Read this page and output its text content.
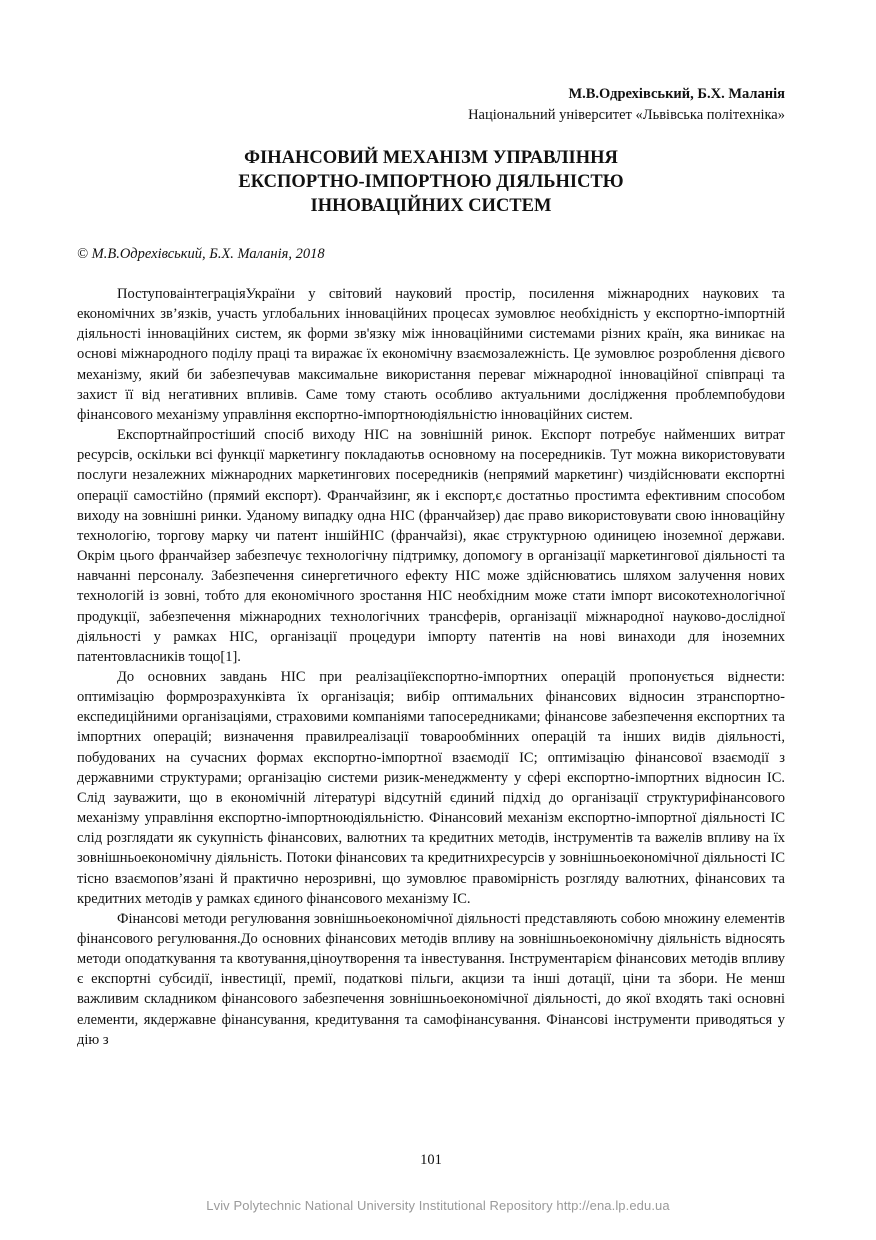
М.В.Одрехівський, Б.Х. Маланія
Національний університет «Львівська політехніка»
ФІНАНСОВИЙ МЕХАНІЗМ УПРАВЛІННЯ
ЕКСПОРТНО-ІМПОРТНОЮ ДІЯЛЬНІСТЮ
ІННОВАЦІЙНИХ СИСТЕМ
© М.В.Одрехівський, Б.Х. Маланія, 2018

ПоступоваінтеграціяУкраїни у світовий науковий простір, посилення міжнародних наукових та економічних зв’язків, участь углобальних інноваційних процесах зумовлює необхідність у експортно-імпортній діяльності інноваційних систем, як форми зв'язку між інноваційними системами різних країн, яка виникає на основі міжнародного поділу праці та виражає їх економічну взаємозалежність. Це зумовлює розроблення дієвого механізму, який би забезпечував максимальне використання переваг міжнародної інноваційної співпраці та захист її від негативних впливів. Саме тому стають особливо актуальними дослідження проблемпобудови фінансового механізму управління експортно-імпортноюдіяльністю інноваційних систем.

Експортнайпростіший спосіб виходу НІС на зовнішній ринок. Експорт потребує найменших витрат ресурсів, оскільки всі функції маркетингу покладаютьв основному на посередників. Тут можна використовувати послуги незалежних міжнародних маркетингових посередників (непрямий маркетинг) чиздійснювати експортні операції самостійно (прямий експорт). Франчайзинг, як і експорт,є достатньо простимта ефективним способом виходу на зовнішні ринки. Уданому випадку одна НІС (франчайзер) дає право використовувати свою інноваційну технологію, торгову марку чи патент іншійНІС (франчайзі), якає структурною одиницею іноземної держави. Окрім цього франчайзер забезпечує технологічну підтримку, допомогу в організації маркетингової діяльності та навчанні персоналу. Забезпечення синергетичного ефекту НІС може здійснюватись шляхом залучення нових технологій із зовні, тобто для економічного зростання НІС необхідним може стати імпорт високотехнологічної продукції, забезпечення міжнародних технологічних трансферів, організації міжнародної науково-дослідної діяльності у рамках НІС, організації процедури імпорту патентів на нові винаходи для іноземних патентовласників тощо[1].

До основних завдань НІС при реалізаціїекспортно-імпортних операцій пропонується віднести: оптимізацію формрозрахунківта їх організація; вибір оптимальних фінансових відносин зтранспортно-експедиційними організаціями, страховими компаніями тапосередниками; фінансове забезпечення експортних та імпортних операцій; визначення правилреалізації товарообмінних операцій та інших видів діяльності, побудованих на сучасних формах експортно-імпортної взаємодії ІС; оптимізацію фінансової взаємодії з державними структурами; організацію системи ризик-менеджменту у сфері експортно-імпортних відносин ІС. Слід зауважити, що в економічній літературі відсутній єдиний підхід до організації структурифінансового механізму управління експортно-імпортноюдіяльністю. Фінансовий механізм експортно-імпортної діяльності ІС слід розглядати як сукупність фінансових, валютних та кредитних методів, інструментів та важелів впливу на їх зовнішньоекономічну діяльність. Потоки фінансових та кредитнихресурсів у зовнішньоекономічної діяльності ІС тісно взаємопов’язані й практично нерозривні, що зумовлює правомірність розгляду валютних, фінансових та кредитних методів у рамках єдиного фінансового механізму ІС.

Фінансові методи регулювання зовнішньоекономічної діяльності представляють собою множину елементів фінансового регулювання.До основних фінансових методів впливу на зовнішньоекономічну діяльність відносять методи оподаткування та квотування,ціноутворення та інвестування. Інструментарієм фінансових методів впливу є експортні субсидії, інвестиції, премії, податкові пільги, акцизи та інші дотації, ціни та збори. Не менш важливим складником фінансового забезпечення зовнішньоекономічної діяльності, до якої входять такі основні елементи, якдержавне фінансування, кредитування та самофінансування. Фінансові інструменти приводяться у дію з

101
Lviv Polytechnic National University Institutional Repository http://ena.lp.edu.ua
